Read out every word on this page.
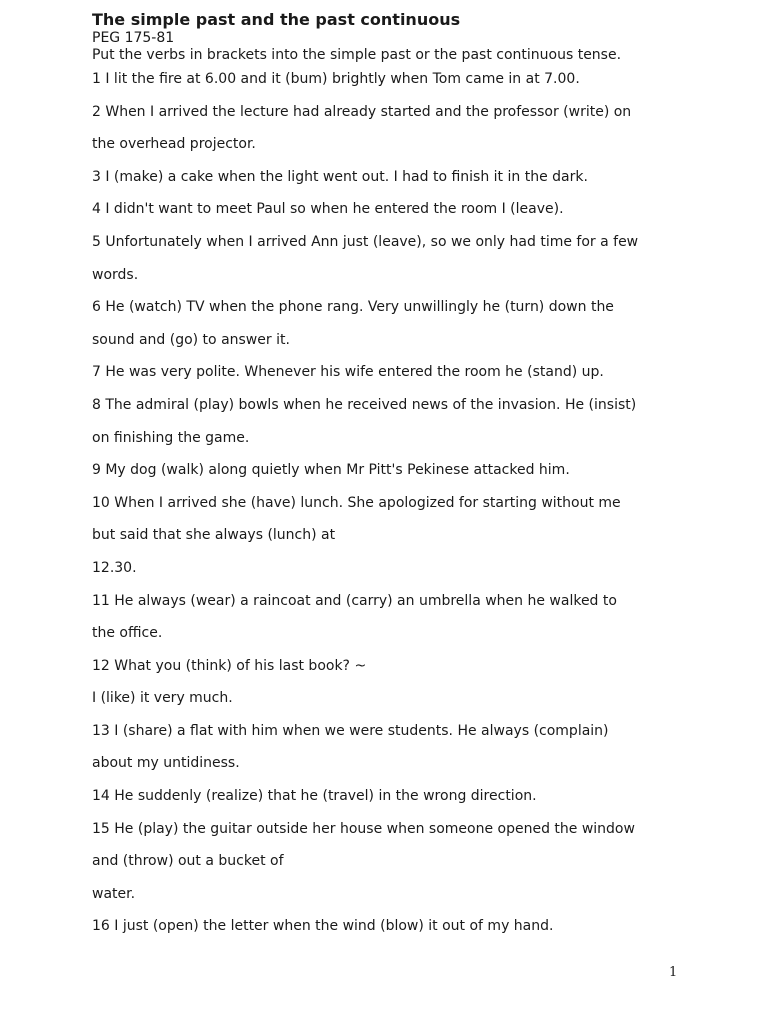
The simple past and the past continuous

PEG 175-81

Put the verbs in brackets into the simple past or the past continuous tense.

1 I lit the fire at 6.00 and it (bum) brightly when Tom came in at 7.00.
2 When I arrived the lecture had already started and the professor (write) on
the overhead projector.
3 I (make) a cake when the light went out. I had to finish it in the dark.
4 I didn't want to meet Paul so when he entered the room I (leave).
5 Unfortunately when I arrived Ann just (leave), so we only had time for a few
words.
6 He (watch) TV when the phone rang. Very unwillingly he (turn) down the
sound and (go) to answer it.
7 He was very polite. Whenever his wife entered the room he (stand) up.
8 The admiral (play) bowls when he received news of the invasion. He (insist)
on finishing the game.
9 My dog (walk) along quietly when Mr Pitt's Pekinese attacked him.
10 When I arrived she (have) lunch. She apologized for starting without me
but said that she always (lunch) at
12.30.
11 He always (wear) a raincoat and (carry) an umbrella when he walked to
the office.
12 What you (think) of his last book? ~
I (like) it very much.
13 I (share) a flat with him when we were students. He always (complain)
about my untidiness.
14 He suddenly (realize) that he (travel) in the wrong direction.
15 He (play) the guitar outside her house when someone opened the window
and (throw) out a bucket of
water.
16 I just (open) the letter when the wind (blow) it out of my hand.
1
